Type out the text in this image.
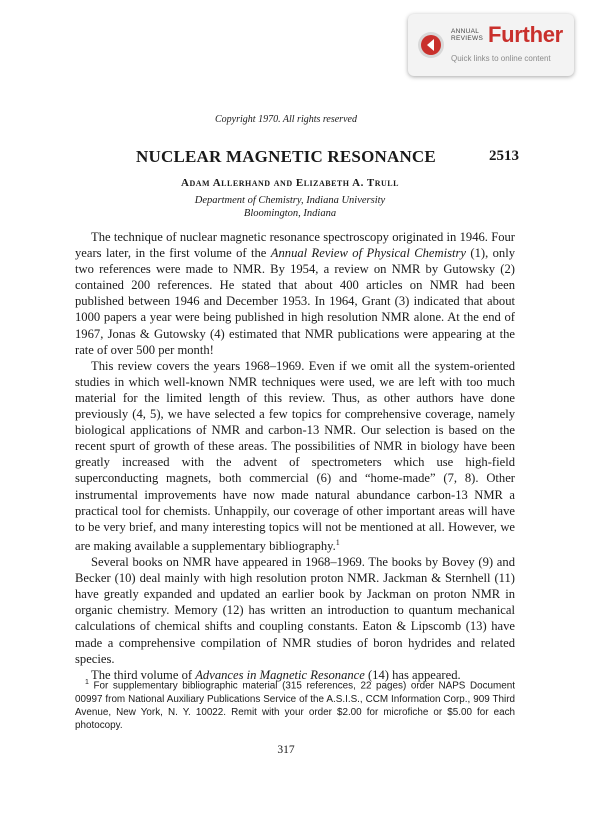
ANNUAL
REVIEWS Further
Quick links to online content
Copyright 1970. All rights reserved
NUCLEAR MAGNETIC RESONANCE	2513
Adam Allerhand and Elizabeth A. Trull
Department of Chemistry, Indiana University
Bloomington, Indiana

The technique of nuclear magnetic resonance spectroscopy originated in 1946. Four years later, in the first volume of the Annual Review of Physical Chemistry (1), only two references were made to NMR. By 1954, a review on NMR by Gutowsky (2) contained 200 references. He stated that about 400 articles on NMR had been published between 1946 and December 1953. In 1964, Grant (3) indicated that about 1000 papers a year were being published in high resolution NMR alone. At the end of 1967, Jonas & Gutowsky (4) estimated that NMR publications were appearing at the rate of over 500 per month!

This review covers the years 1968–1969. Even if we omit all the system-oriented studies in which well-known NMR techniques were used, we are left with too much material for the limited length of this review. Thus, as other authors have done previously (4, 5), we have selected a few topics for comprehensive coverage, namely biological applications of NMR and carbon-13 NMR. Our selection is based on the recent spurt of growth of these areas. The possibilities of NMR in biology have been greatly increased with the advent of spectrometers which use high-field superconducting magnets, both commercial (6) and “home-made” (7, 8). Other instrumental improvements have now made natural abundance carbon-13 NMR a practical tool for chemists. Unhappily, our coverage of other important areas will have to be very brief, and many interesting topics will not be mentioned at all. However, we are making available a supplementary bibliography.$^1$

Several books on NMR have appeared in 1968–1969. The books by Bovey (9) and Becker (10) deal mainly with high resolution proton NMR. Jackman & Sternhell (11) have greatly expanded and updated an earlier book by Jackman on proton NMR in organic chemistry. Memory (12) has written an introduction to quantum mechanical calculations of chemical shifts and coupling constants. Eaton & Lipscomb (13) have made a comprehensive compilation of NMR studies of boron hydrides and related species.

The third volume of Advances in Magnetic Resonance (14) has appeared.

$^1$ For supplementary bibliographic material (315 references, 22 pages) order NAPS Document 00997 from National Auxiliary Publications Service of the A.S.I.S., CCM Information Corp., 909 Third Avenue, New York, N. Y. 10022. Remit with your order $2.00 for microfiche or $5.00 for each photocopy.
317
